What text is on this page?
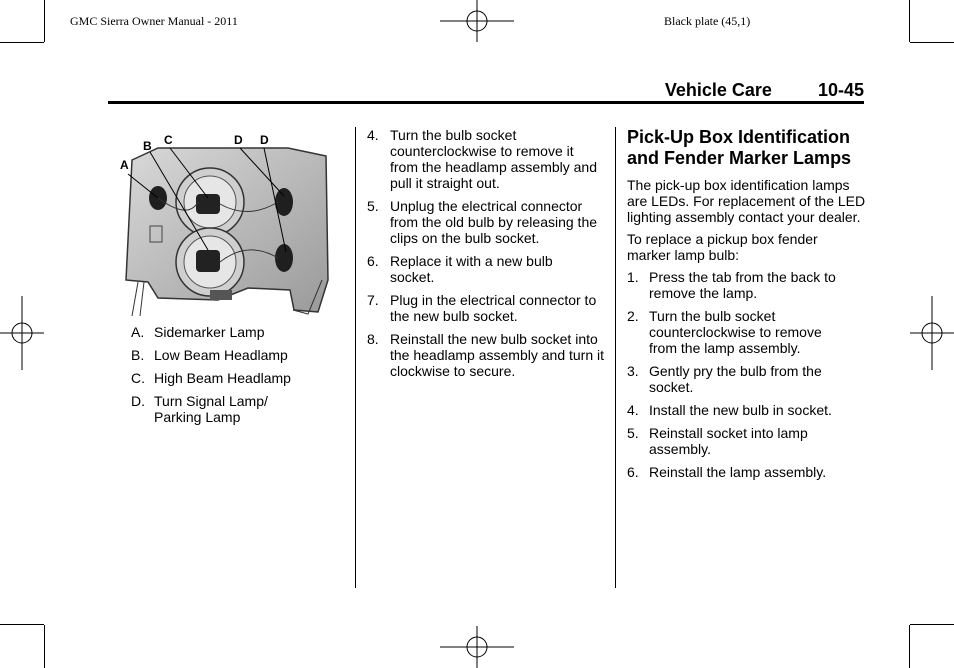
GMC Sierra Owner Manual - 2011	Black plate (45,1)
Vehicle Care	10-45
A
B C	D D
A. Sidemarker Lamp
B. Low Beam Headlamp
C. High Beam Headlamp
D. Turn Signal Lamp/ Parking Lamp
4. Turn the bulb socket counterclockwise to remove it from the headlamp assembly and pull it straight out.
5. Unplug the electrical connector from the old bulb by releasing the clips on the bulb socket.
6. Replace it with a new bulb socket.
7. Plug in the electrical connector to the new bulb socket.
8. Reinstall the new bulb socket into the headlamp assembly and turn it clockwise to secure.
Pick-Up Box Identification and Fender Marker Lamps

The pick-up box identification lamps are LEDs. For replacement of the LED lighting assembly contact your dealer.

To replace a pickup box fender marker lamp bulb:

1. Press the tab from the back to remove the lamp.
2. Turn the bulb socket counterclockwise to remove from the lamp assembly.
3. Gently pry the bulb from the socket.
4. Install the new bulb in socket.
5. Reinstall socket into lamp assembly.
6. Reinstall the lamp assembly.
